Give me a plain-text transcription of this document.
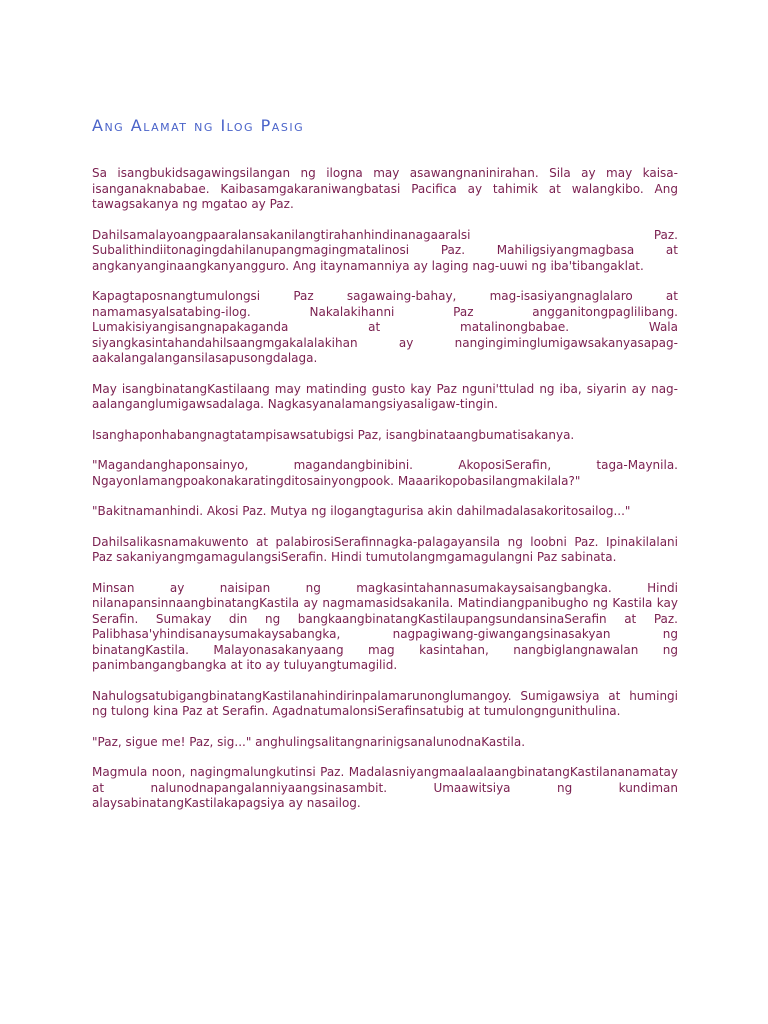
Ang Alamat ng Ilog Pasig

Sa isangbukidsagawingsilangan ng ilogna may asawangnaninirahan. Sila ay may kaisa-isanganaknababae. Kaibasamgakaraniwangbatasi Pacifica ay tahimik at walangkibo. Ang tawagsakanya ng mgatao ay Paz.

Dahilsamalayoangpaaralansakanilangtirahanhindinanagaaralsi Paz. Subalithindiitonagingdahilanupangmagingmatalinosi Paz. Mahiligsiyangmagbasa at angkanyanginaangkanyangguro. Ang itaynamanniya ay laging nag-uuwi ng iba'tibangaklat.

Kapagtaposnangtumulongsi Paz sagawaing-bahay, mag-isasiyangnaglalaro at namamasyalsatabing-ilog. Nakalakihanni Paz angganitongpaglilibang. Lumakisiyangisangnapakaganda at matalinongbabae. Wala siyangkasintahandahilsaangmgakalalakihan ay nangingiminglumigawsakanyasapag-aakalangalangansilasapusongdalaga.

May isangbinatangKastilaang may matinding gusto kay Paz nguni'ttulad ng iba, siyarin ay nag-aalanganglumigawsadalaga. Nagkasyanalamangsiyasaligaw-tingin.

Isanghaponhabangnagtatampisawsatubigsi Paz, isangbinataangbumatisakanya.

"Magandanghaponsainyo, magandangbinibini. AkoposiSerafin, taga-Maynila. Ngayonlamangpoakonakaratingditosainyongpook. Maaarikopobasilangmakilala?"

"Bakitnamanhindi. Akosi Paz. Mutya ng ilogangtagurisa akin dahilmadalasakoritosailog..."

Dahilsalikasnamakuwento at palabirosiSerafinnagka-palagayansila ng loobni Paz. Ipinakilalani Paz sakaniyangmgamagulangsiSerafin. Hindi tumutolangmgamagulangni Paz sabinata.

Minsan ay naisipan ng magkasintahannasumakaysaisangbangka. Hindi nilanapansinnaangbinatangKastila ay nagmamasidsakanila. Matindiangpanibugho ng Kastila kay Serafin. Sumakay din ng bangkaangbinatangKastilaupangsundansinaSerafin at Paz. Palibhasa'yhindisanaysumakaysabangka, nagpagiwang-giwangangsinasakyan ng binatangKastila. Malayonasakanyaang mag kasintahan, nangbiglangnawalan ng panimbangangbangka at ito ay tuluyangtumagilid.

NahulogsatubigangbinatangKastilanahindirinpalamarunonglumangoy. Sumigawsiya at humingi ng tulong kina Paz at Serafin. AgadnatumalonsiSerafinsatubig at tumulongngunithulina.

"Paz, sigue me! Paz, sig..." anghulingsalitangnarinigsanalunodnaKastila.

Magmula noon, nagingmalungkutinsi Paz. MadalasniyangmaalaalaangbinatangKastilananamatay at nalunodnapangalanniyaangsinasambit. Umaawitsiya ng kundiman alaysabinatangKastilakapagsiya ay nasailog.
